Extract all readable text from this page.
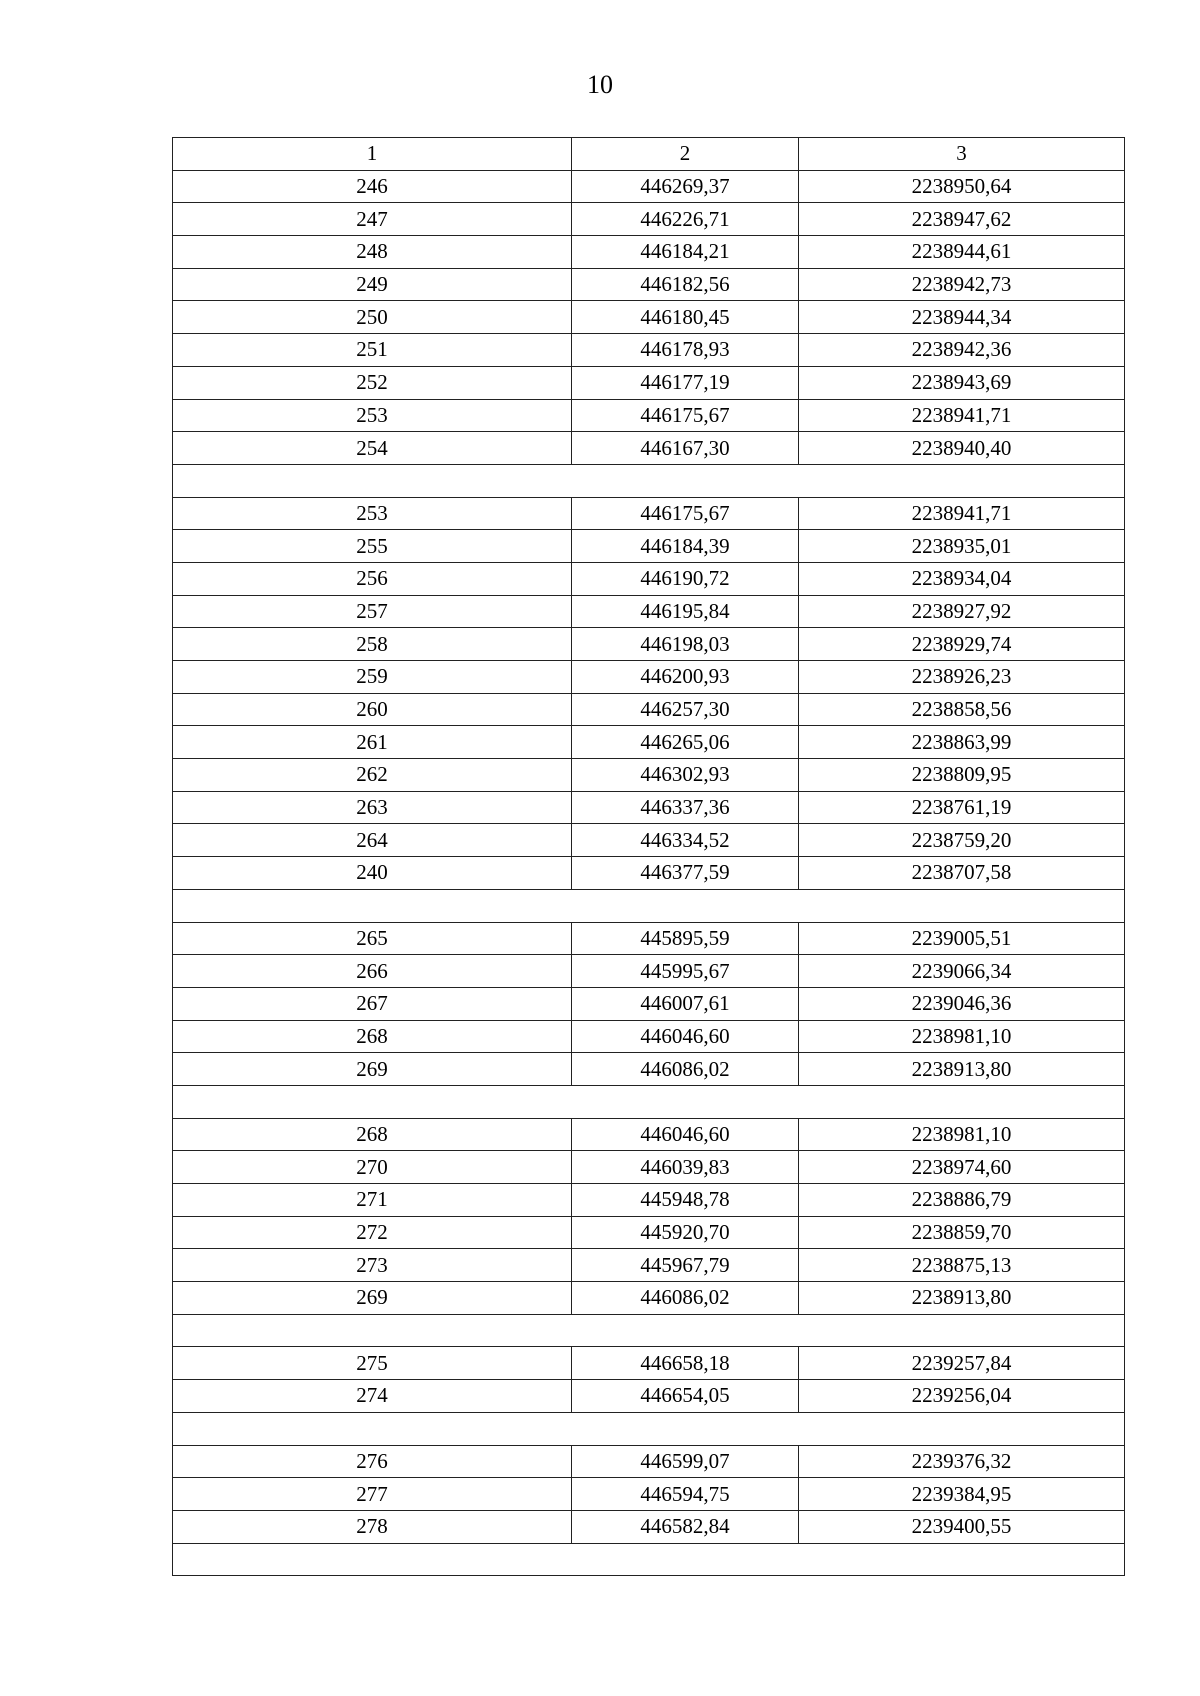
10
1	2	3
246	446269,37	2238950,64
247	446226,71	2238947,62
248	446184,21	2238944,61
249	446182,56	2238942,73
250	446180,45	2238944,34
251	446178,93	2238942,36
252	446177,19	2238943,69
253	446175,67	2238941,71
254	446167,30	2238940,40

253	446175,67	2238941,71
255	446184,39	2238935,01
256	446190,72	2238934,04
257	446195,84	2238927,92
258	446198,03	2238929,74
259	446200,93	2238926,23
260	446257,30	2238858,56
261	446265,06	2238863,99
262	446302,93	2238809,95
263	446337,36	2238761,19
264	446334,52	2238759,20
240	446377,59	2238707,58

265	445895,59	2239005,51
266	445995,67	2239066,34
267	446007,61	2239046,36
268	446046,60	2238981,10
269	446086,02	2238913,80

268	446046,60	2238981,10
270	446039,83	2238974,60
271	445948,78	2238886,79
272	445920,70	2238859,70
273	445967,79	2238875,13
269	446086,02	2238913,80

275	446658,18	2239257,84
274	446654,05	2239256,04

276	446599,07	2239376,32
277	446594,75	2239384,95
278	446582,84	2239400,55
